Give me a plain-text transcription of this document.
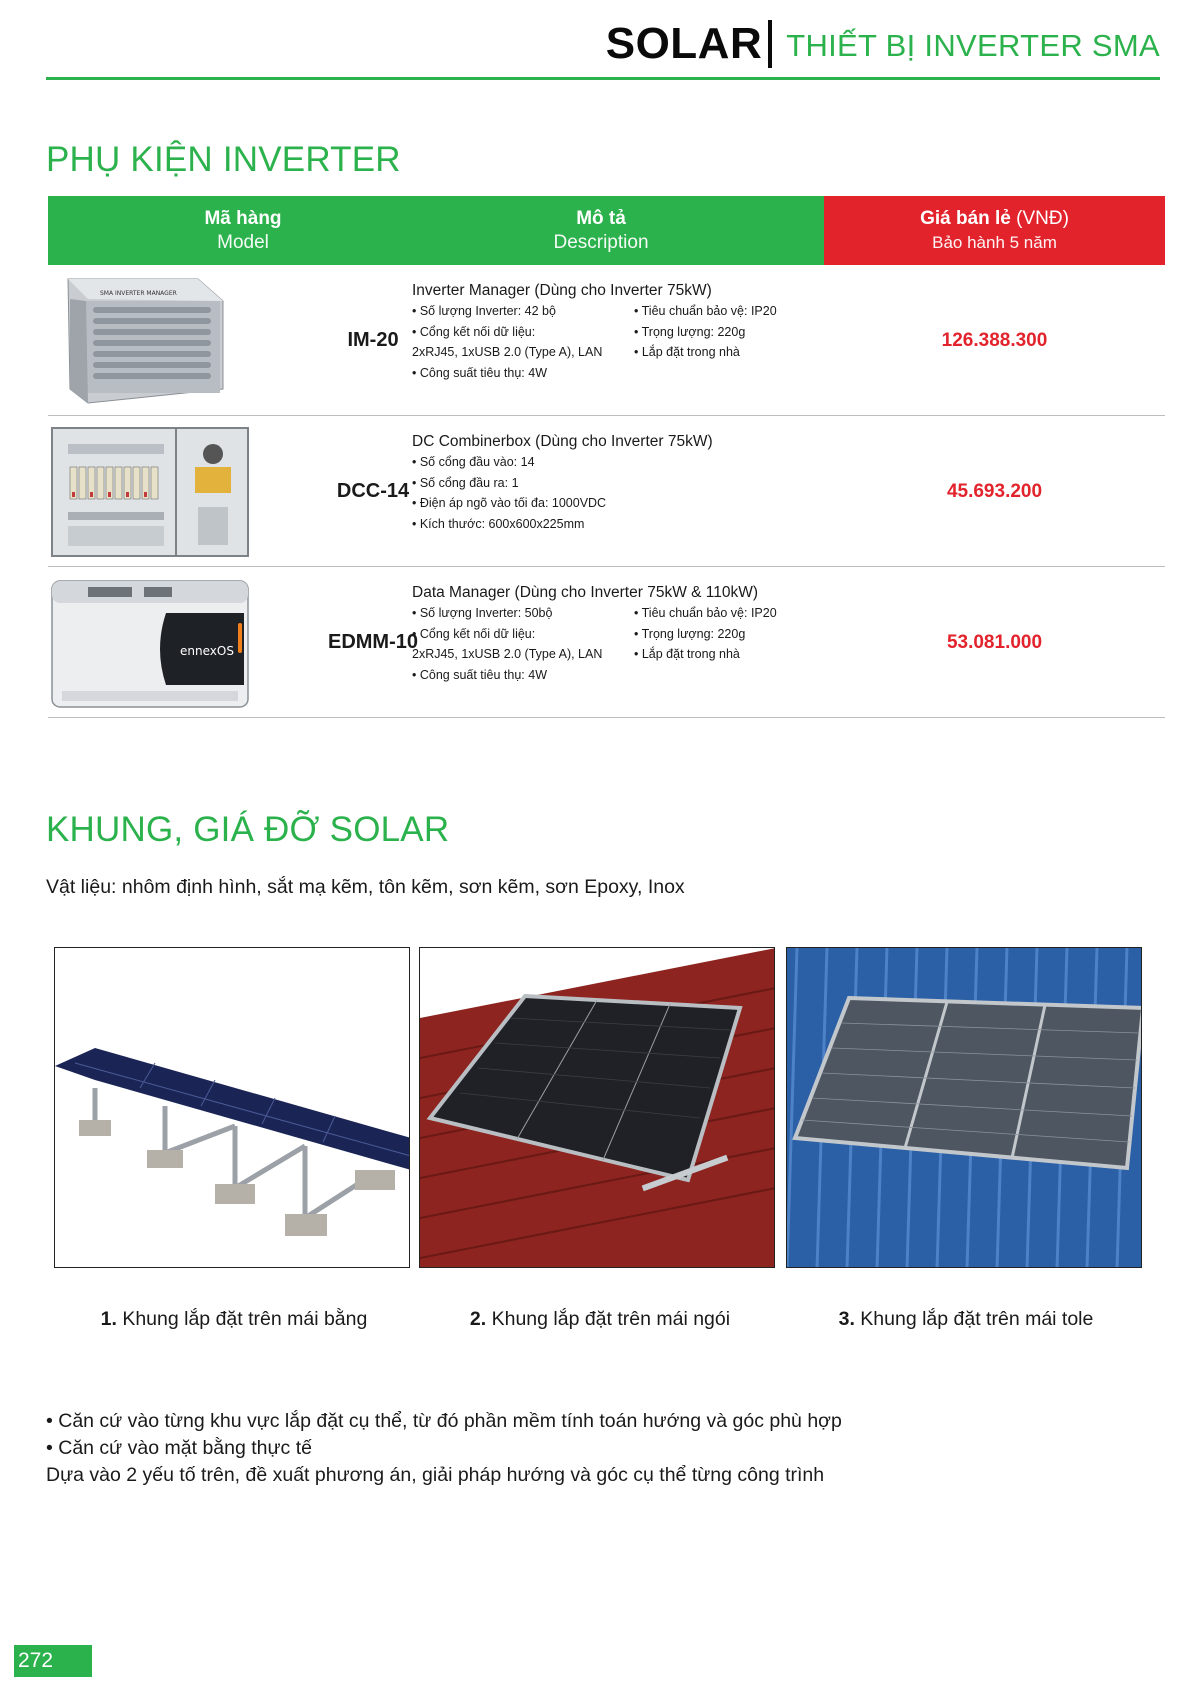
SOLAR THIẾT BỊ INVERTER SMA
PHỤ KIỆN INVERTER
Mã hàng
Model
Mô tả
Description
Giá bán lẻ (VNĐ)
Bảo hành 5 năm
SMA INVERTER MANAGER
IM-20
Inverter Manager (Dùng cho Inverter 75kW)
• Số lượng Inverter: 42 bộ	• Tiêu chuẩn bảo vệ: IP20
• Cổng kết nối dữ liệu:	• Trọng lượng: 220g
2xRJ45, 1xUSB 2.0 (Type A), LAN	• Lắp đặt trong nhà
• Công suất tiêu thụ: 4W
126.388.300
DCC-14
DC Combinerbox (Dùng cho Inverter 75kW)
• Số cổng đầu vào: 14
• Số cổng đầu ra: 1
• Điện áp ngõ vào tối đa: 1000VDC
• Kích thước: 600x600x225mm
45.693.200
ennexOS	EDMM-10
Data Manager (Dùng cho Inverter 75kW & 110kW)
• Số lượng Inverter: 50bộ	• Tiêu chuẩn bảo vệ: IP20
• Cổng kết nối dữ liệu:	• Trọng lượng: 220g
2xRJ45, 1xUSB 2.0 (Type A), LAN	• Lắp đặt trong nhà
• Công suất tiêu thụ: 4W
53.081.000
KHUNG, GIÁ ĐỠ SOLAR
Vật liệu: nhôm định hình, sắt mạ kẽm, tôn kẽm, sơn kẽm, sơn Epoxy, Inox
1. Khung lắp đặt trên mái bằng	2. Khung lắp đặt trên mái ngói	3. Khung lắp đặt trên mái tole
• Căn cứ vào từng khu vực lắp đặt cụ thể, từ đó phần mềm tính toán hướng và góc phù hợp
• Căn cứ vào mặt bằng thực tế
Dựa vào 2 yếu tố trên, đề xuất phương án, giải pháp hướng và góc cụ thể từng công trình
272
